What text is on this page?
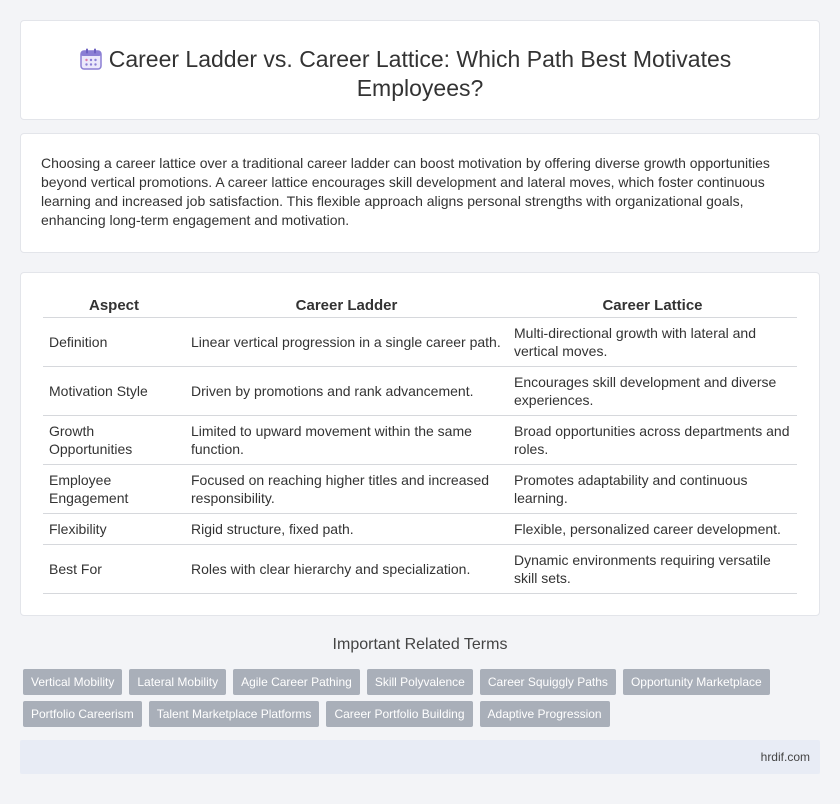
Career Ladder vs. Career Lattice: Which Path Best Motivates Employees?

Choosing a career lattice over a traditional career ladder can boost motivation by offering diverse growth opportunities beyond vertical promotions. A career lattice encourages skill development and lateral moves, which foster continuous learning and increased job satisfaction. This flexible approach aligns personal strengths with organizational goals, enhancing long-term engagement and motivation.

Aspect	Career Ladder	Career Lattice
Definition	Linear vertical progression in a single career path.	Multi-directional growth with lateral and vertical moves.
Motivation Style	Driven by promotions and rank advancement.	Encourages skill development and diverse experiences.
Growth Opportunities	Limited to upward movement within the same function.	Broad opportunities across departments and roles.
Employee Engagement	Focused on reaching higher titles and increased responsibility.	Promotes adaptability and continuous learning.
Flexibility	Rigid structure, fixed path.	Flexible, personalized career development.
Best For	Roles with clear hierarchy and specialization.	Dynamic environments requiring versatile skill sets.
Important Related Terms
Vertical Mobility	Lateral Mobility	Agile Career Pathing	Skill Polyvalence	Career Squiggly Paths	Opportunity Marketplace
Portfolio Careerism	Talent Marketplace Platforms	Career Portfolio Building	Adaptive Progression
hrdif.com
